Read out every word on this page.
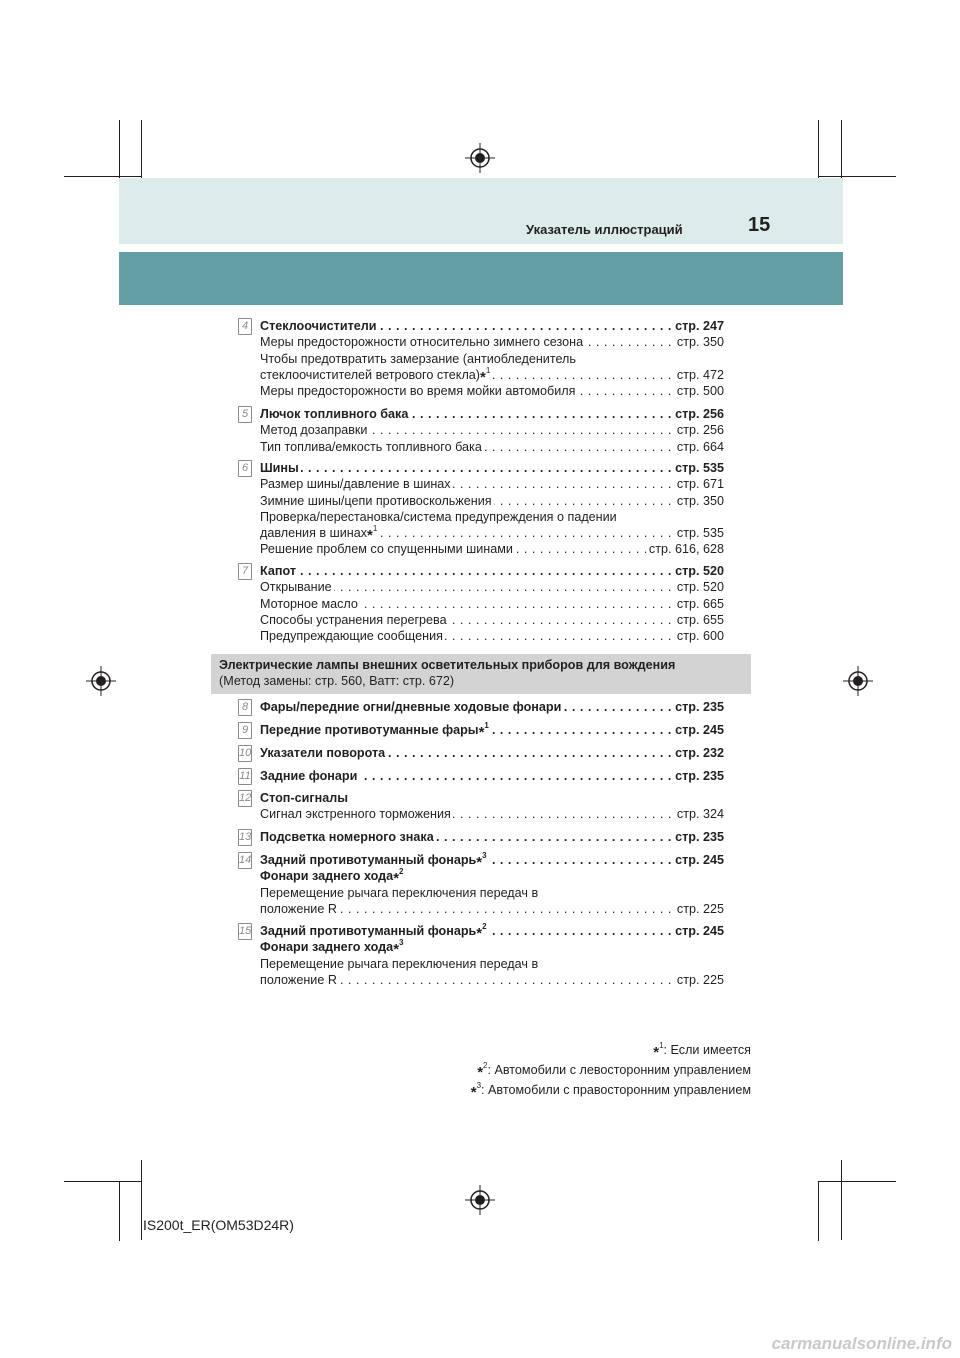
Указатель иллюстраций	15
4 . . . Стеклоочистители	стр. 247
. . . Меры предосторожности относительно зимнего сезона	стр. 350
Чтобы предотвратить замерзание (антиобледенитель
. . . стеклоочистителей ветрового стекла)*$^1$	стр. 472
. . . Меры предосторожности во время мойки автомобиля	стр. 500
5 . . . Лючок топливного бака	стр. 256
. . . Метод дозаправки	стр. 256
. . . Тип топлива/емкость топливного бака	стр. 664
6 . . . Шины	стр. 535
. . . Размер шины/давление в шинах	стр. 671
. . . Зимние шины/цепи противоскольжения	стр. 350
Проверка/перестановка/система предупреждения о падении
. . . давления в шинах*$^1$	стр. 535
. . . Решение проблем со спущенными шинами	стр. 616, 628
7 . . . Капот	стр. 520
. . . Открывание	стр. 520
. . . Моторное масло	стр. 665
. . . Способы устранения перегрева	стр. 655
. . . Предупреждающие сообщения	стр. 600
Электрические лампы внешних осветительных приборов для вождения
(Метод замены: стр. 560, Ватт: стр. 672)
8 . . . Фары/передние огни/дневные ходовые фонари	стр. 235
9 . . . Передние противотуманные фары*$^1$	стр. 245
10 . . . Указатели поворота	стр. 232
11 . . . Задние фонари	стр. 235
12 Стоп-сигналы
. . . Сигнал экстренного торможения	стр. 324
13 . . . Подсветка номерного знака	стр. 235
14 . . . Задний противотуманный фонарь*$^3$	стр. 245
Фонари заднего хода*$^2$
Перемещение рычага переключения передач в
. . . положение R	стр. 225
15 . . . Задний противотуманный фонарь*$^2$	стр. 245
Фонари заднего хода*$^3$
Перемещение рычага переключения передач в
. . . положение R	стр. 225
*$^1$: Если имеется
*$^2$: Автомобили с левосторонним управлением
*$^3$: Автомобили с правосторонним управлением
IS200t_ER(OM53D24R)
carmanualsonline.info
